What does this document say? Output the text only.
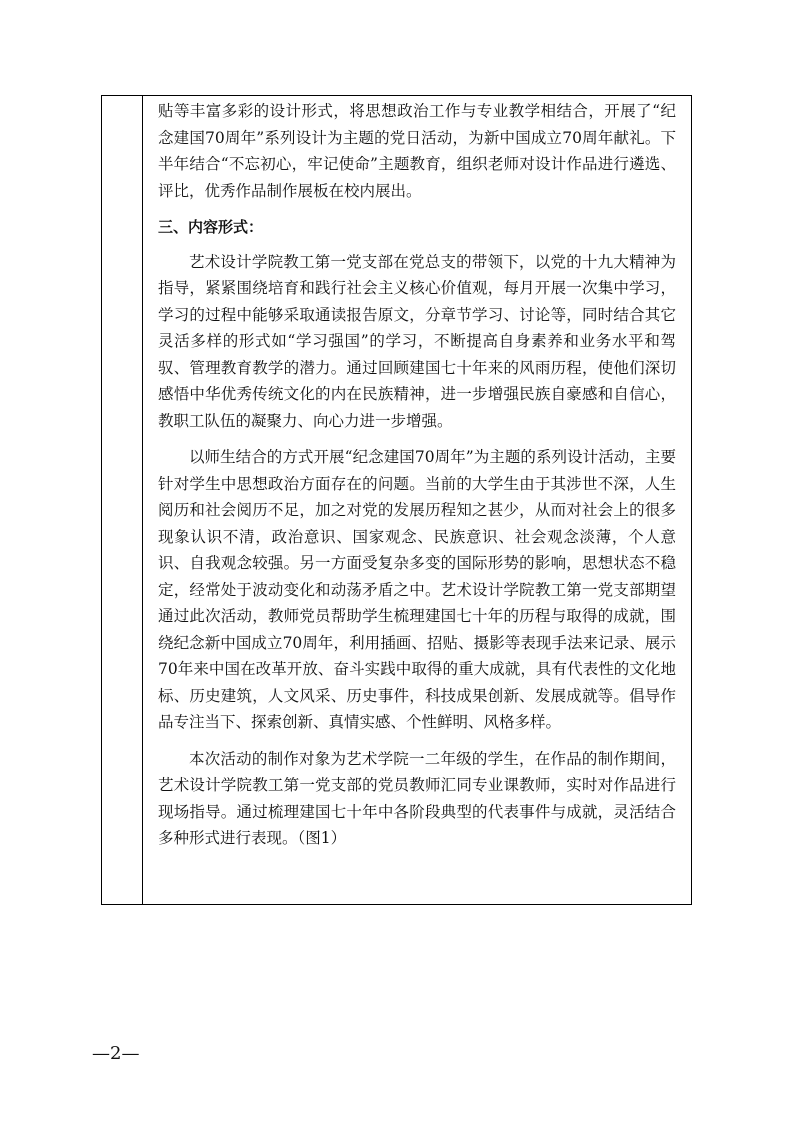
贴等丰富多彩的设计形式，将思想政治工作与专业教学相结合，开展了“纪念建国70周年”系列设计为主题的党日活动，为新中国成立70周年献礼。下半年结合“不忘初心，牢记使命”主题教育，组织老师对设计作品进行遴选、评比，优秀作品制作展板在校内展出。

三、内容形式：

艺术设计学院教工第一党支部在党总支的带领下，以党的十九大精神为指导，紧紧围绕培育和践行社会主义核心价值观，每月开展一次集中学习，学习的过程中能够采取通读报告原文，分章节学习、讨论等，同时结合其它灵活多样的形式如“学习强国”的学习，不断提高自身素养和业务水平和驾驭、管理教育教学的潜力。通过回顾建国七十年来的风雨历程，使他们深切感悟中华优秀传统文化的内在民族精神，进一步增强民族自豪感和自信心，教职工队伍的凝聚力、向心力进一步增强。

以师生结合的方式开展“纪念建国70周年”为主题的系列设计活动，主要针对学生中思想政治方面存在的问题。当前的大学生由于其涉世不深，人生阅历和社会阅历不足，加之对党的发展历程知之甚少，从而对社会上的很多现象认识不清，政治意识、国家观念、民族意识、社会观念淡薄，个人意识、自我观念较强。另一方面受复杂多变的国际形势的影响，思想状态不稳定，经常处于波动变化和动荡矛盾之中。艺术设计学院教工第一党支部期望通过此次活动，教师党员帮助学生梳理建国七十年的历程与取得的成就，围绕纪念新中国成立70周年，利用插画、招贴、摄影等表现手法来记录、展示70年来中国在改革开放、奋斗实践中取得的重大成就，具有代表性的文化地标、历史建筑，人文风采、历史事件，科技成果创新、发展成就等。倡导作品专注当下、探索创新、真情实感、个性鲜明、风格多样。

本次活动的制作对象为艺术学院一二年级的学生，在作品的制作期间，艺术设计学院教工第一党支部的党员教师汇同专业课教师，实时对作品进行现场指导。通过梳理建国七十年中各阶段典型的代表事件与成就，灵活结合多种形式进行表现。（图1）

—2—
